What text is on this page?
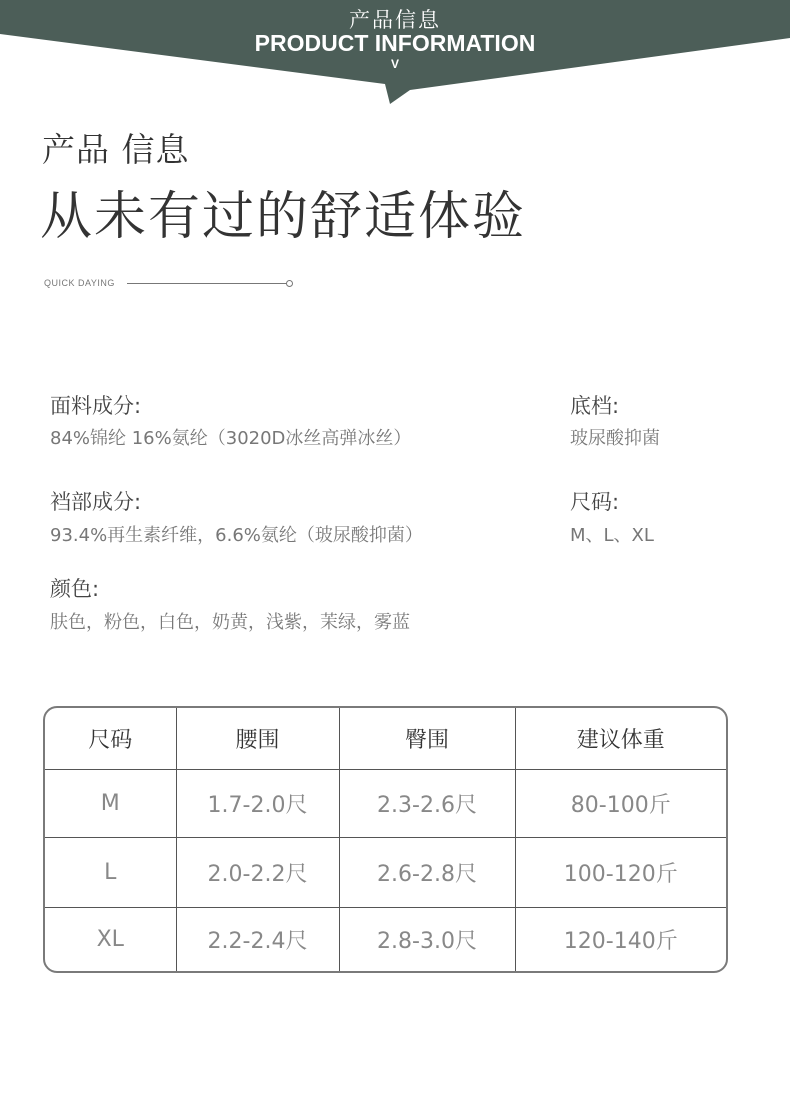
产品信息
PRODUCT INFORMATION
V
产品 信息
从未有过的舒适体验
QUICK DAYING
面料成分:
84%锦纶 16%氨纶（3020D冰丝高弹冰丝）
裆部成分:
93.4%再生素纤维，6.6%氨纶（玻尿酸抑菌）
颜色:
肤色，粉色，白色，奶黄，浅紫，茉绿，雾蓝
底档:
玻尿酸抑菌
尺码:
M、L、XL
尺码	腰围	臀围	建议体重
M	1.7-2.0尺	2.3-2.6尺	80-100斤
L	2.0-2.2尺	2.6-2.8尺	100-120斤
XL	2.2-2.4尺	2.8-3.0尺	120-140斤
